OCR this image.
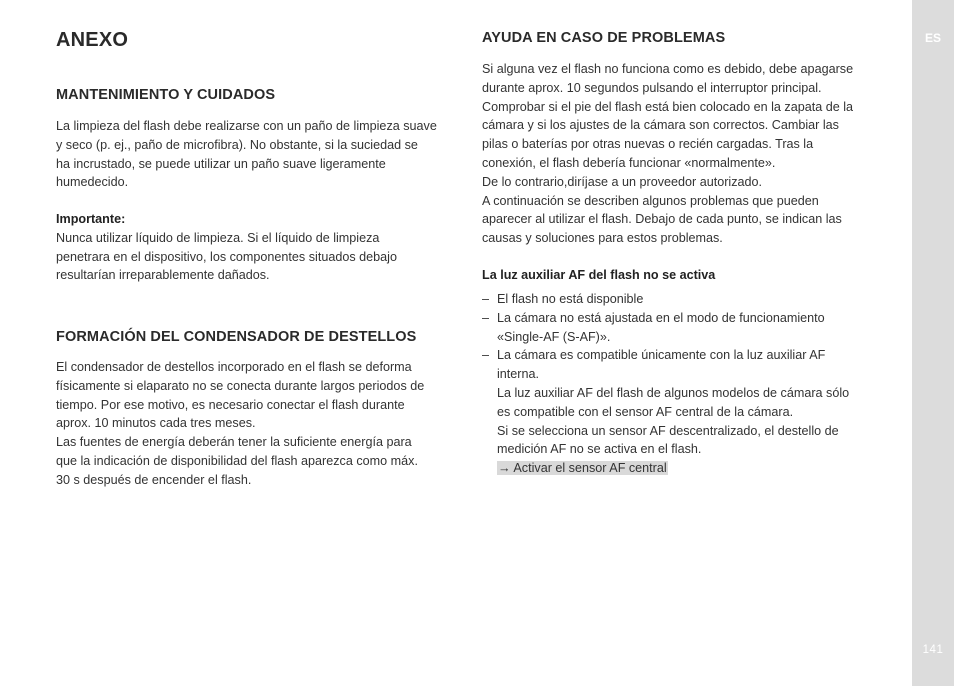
ANEXO
MANTENIMIENTO Y CUIDADOS

La limpieza del flash debe realizarse con un paño de limpieza suave
y seco (p. ej., paño de microfibra). No obstante, si la suciedad se
ha incrustado, se puede utilizar un paño suave ligeramente
humedecido.

Importante:
Nunca utilizar líquido de limpieza. Si el líquido de limpieza
penetrara en el dispositivo, los componentes situados debajo
resultarían irreparablemente dañados.

FORMACIÓN DEL CONDENSADOR DE DESTELLOS

El condensador de destellos incorporado en el flash se deforma
físicamente si elaparato no se conecta durante largos periodos de
tiempo. Por ese motivo, es necesario conectar el flash durante
aprox. 10 minutos cada tres meses.
Las fuentes de energía deberán tener la suficiente energía para
que la indicación de disponibilidad del flash aparezca como máx.
30 s después de encender el flash.

AYUDA EN CASO DE PROBLEMAS

Si alguna vez el flash no funciona como es debido, debe apagarse
durante aprox. 10 segundos pulsando el interruptor principal.
Comprobar si el pie del flash está bien colocado en la zapata de la
cámara y si los ajustes de la cámara son correctos. Cambiar las
pilas o baterías por otras nuevas o recién cargadas. Tras la
conexión, el flash debería funcionar «normalmente».
De lo contrario,diríjase a un proveedor autorizado.
A continuación se describen algunos problemas que pueden
aparecer al utilizar el flash. Debajo de cada punto, se indican las
causas y soluciones para estos problemas.

La luz auxiliar AF del flash no se activa
– El flash no está disponible
– La cámara no está ajustada en el modo de funcionamiento
«Single-AF (S-AF)».
– La cámara es compatible únicamente con la luz auxiliar AF
interna.
La luz auxiliar AF del flash de algunos modelos de cámara sólo
es compatible con el sensor AF central de la cámara.
Si se selecciona un sensor AF descentralizado, el destello de
medición AF no se activa en el flash.
→ Activar el sensor AF central
ES
141
